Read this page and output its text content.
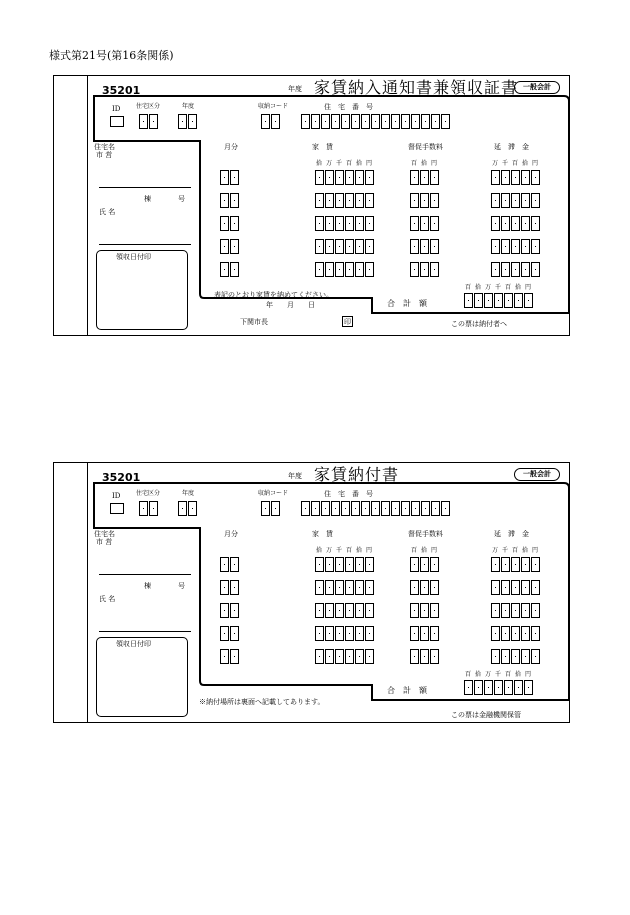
様式第21号(第16条関係)
35201	年度 家賃納入通知書兼領収証書 一般会計
ID	住宅区分	年度	収納コード	住　宅　番　号
住宅名
市 営
棟	号
氏 名
領収日付印
月分	家　賃	督促手数料	延　滞　金
合　計　額
表記のとおり家賃を納めてください。
年　　月　　日
下関市長	印	この票は納付者へ
拾 万 千 百 拾 円	百 拾 円	万 千 百 拾 円
百 拾 万 千 百 拾 円
35201	年度 家賃納付書	一般会計
ID	住宅区分	年度	収納コード	住　宅　番　号
住宅名
市 営
棟	号
氏 名
領収日付印
月分	家　賃	督促手数料	延　滞　金
合　計　額
※納付場所は裏面へ記載してあります。
この票は金融機関保管
拾 万 千 百 拾 円	百 拾 円	万 千 百 拾 円
百 拾 万 千 百 拾 円
